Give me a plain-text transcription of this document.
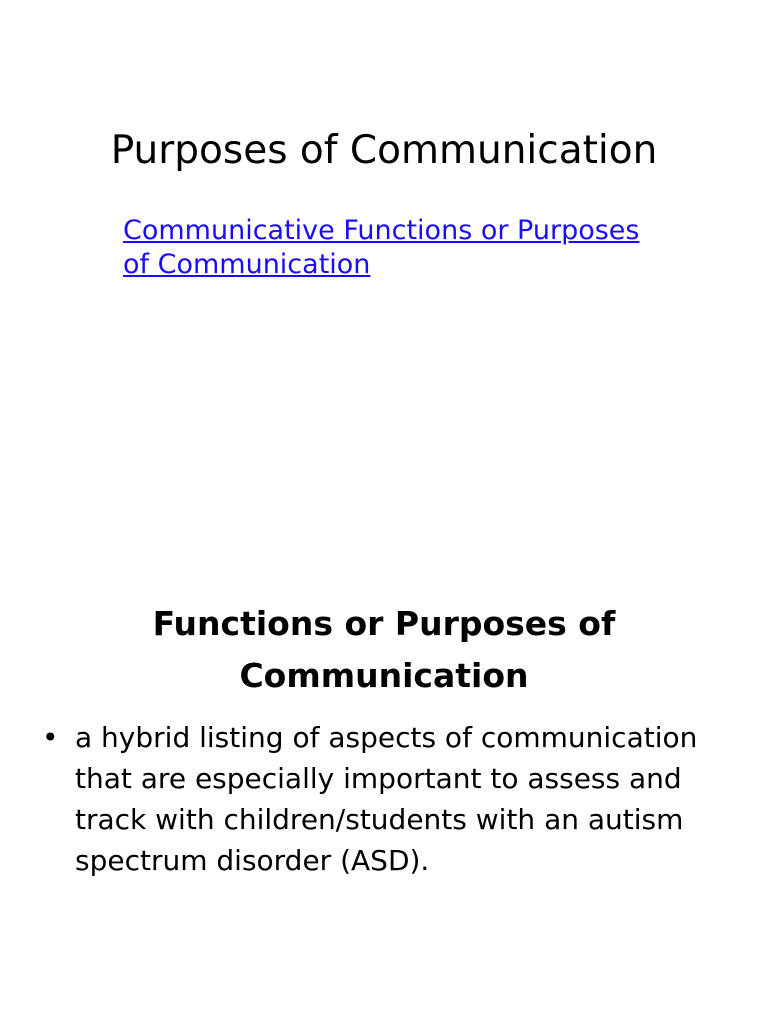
Purposes of Communication
Communicative Functions or Purposes of Communication
Functions or Purposes of
Communication
• a hybrid listing of aspects of communication that are especially important to assess and track with children/students with an autism spectrum disorder (ASD).
